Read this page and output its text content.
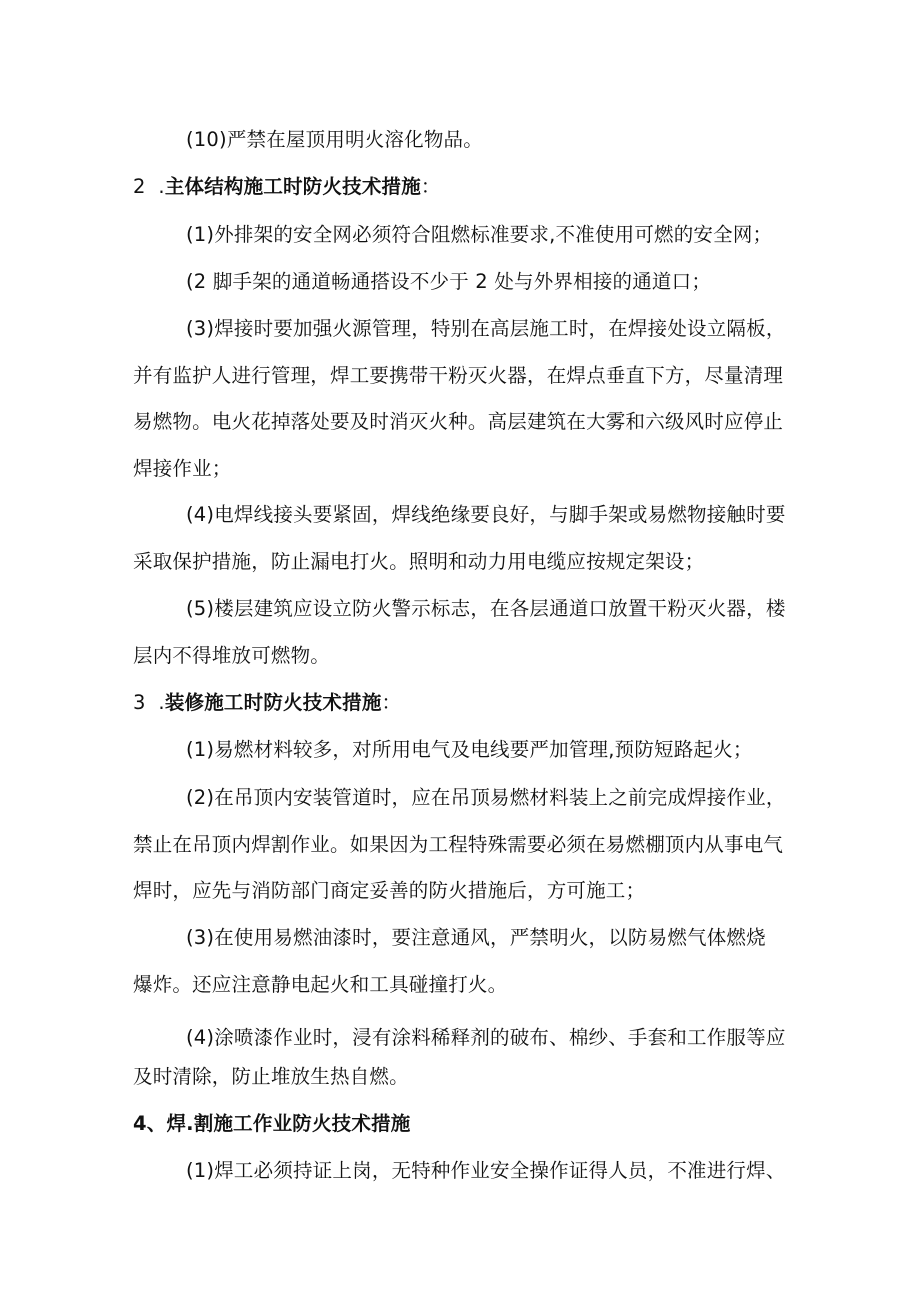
(10)严禁在屋顶用明火溶化物品。
2  .主体结构施工时防火技术措施：
(1)外排架的安全网必须符合阻燃标准要求,不准使用可燃的安全网；
(2 脚手架的通道畅通搭设不少于 2 处与外界相接的通道口；
(3)焊接时要加强火源管理，特别在高层施工时，在焊接处设立隔板，
并有监护人进行管理，焊工要携带干粉灭火器，在焊点垂直下方，尽量清理
易燃物。电火花掉落处要及时消灭火种。高层建筑在大雾和六级风时应停止
焊接作业；
(4)电焊线接头要紧固，焊线绝缘要良好，与脚手架或易燃物接触时要
采取保护措施，防止漏电打火。照明和动力用电缆应按规定架设；
(5)楼层建筑应设立防火警示标志，在各层通道口放置干粉灭火器，楼
层内不得堆放可燃物。
3  .装修施工时防火技术措施：
(1)易燃材料较多，对所用电气及电线要严加管理,预防短路起火；
(2)在吊顶内安装管道时，应在吊顶易燃材料装上之前完成焊接作业，
禁止在吊顶内焊割作业。如果因为工程特殊需要必须在易燃棚顶内从事电气
焊时，应先与消防部门商定妥善的防火措施后，方可施工；
(3)在使用易燃油漆时，要注意通风，严禁明火，以防易燃气体燃烧
爆炸。还应注意静电起火和工具碰撞打火。
(4)涂喷漆作业时，浸有涂料稀释剂的破布、棉纱、手套和工作服等应
及时清除，防止堆放生热自燃。
4、焊.割施工作业防火技术措施
(1)焊工必须持证上岗，无特种作业安全操作证得人员，不准进行焊、
